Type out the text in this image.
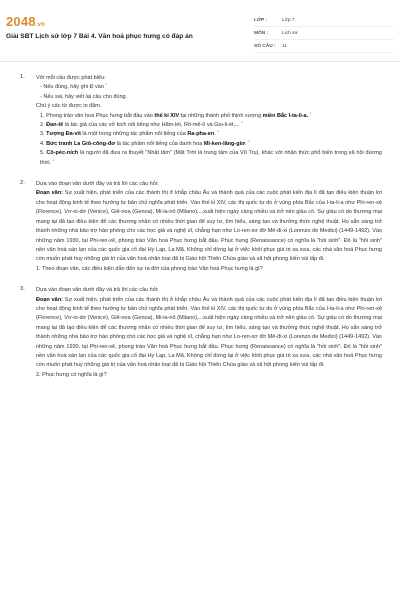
2048.vn
Giải SBT Lịch sử lớp 7 Bài 4. Văn hoá phục hưng có đáp án
LỚP :	Lớp 7
MÔN :	Lịch sử
SỐ CÂU :	11
1. Với mỗi câu được phát biểu:
- Nếu đúng, hãy ghi Đ vào ˆ
- Nếu sai, hãy viết lại câu cho đúng.
Chú ý các từ được in đậm.
1. Phong trào văn hoá Phục hưng bắt đầu vào thế kỉ XIV tại những thành phố thịnh vượng miền Bắc I-ta-li-a. ˆ
2. Đan-tê là tác giả của các vở kịch nổi tiếng như Hăm-lét, Rô-mê-ô và Giu-li-ét,... ˆ
3. Tượng Đa-vít là một trong những tác phẩm nổi tiếng của Ra-pha-en. ˆ
4. Bức tranh La Giô-công-đơ là tác phẩm nổi tiếng của danh hoạ Mi-ken-lăng-giơ. ˆ
5. Cô-péc-ních là người đã đưa ra thuyết "Nhật tâm" (Mặt Trời là trung tâm của Vũ Trụ), khác với nhận thức phổ biến trong xã hội đương thời. ˆ
2. Dựa vào đoạn văn dưới đây và trả lời các câu hỏi:
Đoạn văn: Sự xuất hiện, phát triển của các thành thị ở khắp châu Âu và thành quả của các cuộc phát kiến địa lí đã tạo điều kiện thuận lợi cho hoạt động kinh tế theo hướng tư bản chủ nghĩa phát triển. Vào thế kỉ XIV, các thị quốc tự do ở vùng phía Bắc của I-ta-li-a như Phi-ren-xê (Florence), Vơ-ni-dơ (Venice), Giê-noa (Genoa), Mi-la-nô (Milano),...xuất hiện ngày càng nhiều và trở nên giàu có. Sự giàu có do thương mại mang lại đã tạo điều kiện để các thương nhân có nhiều thời gian để suy tư, tìm hiểu, sáng tạo và thưởng thức nghệ thuật. Họ sẵn sàng trở thành những nhà bảo trợ hào phóng cho các học giả và nghệ sĩ, chẳng hạn như Lo-ren-xơ đờ Mê-đi-xi (Lorenzo de Medici) (1449-1492). Vào những năm 1930, tại Phi-ren-xê, phong trào Văn hoá Phục hưng bắt đầu. Phục hưng (Renaissance) có nghĩa là "hồi sinh". Đó là "hồi sinh" nền văn hoá xán lạn của các quốc gia cổ đại Hy Lạp, La Mã. Không chỉ dừng lại ở việc khôi phục giá trị xa xưa, các nhà văn hoá Phục hưng còn muốn phát huy những giá trị của văn hoá nhân loại đã bị Giáo hội Thiên Chúa giáo và xã hội phong kiến vùi lấp đi.
1. Theo đoạn văn, các điều kiện dẫn đến sự ra đời của phong trào Văn hoá Phục hưng là gì?
3. Dựa vào đoạn văn dưới đây và trả lời các câu hỏi:
Đoạn văn: Sự xuất hiện, phát triển của các thành thị ở khắp châu Âu và thành quả của các cuộc phát kiến địa lí đã tạo điều kiện thuận lợi cho hoạt động kinh tế theo hướng tư bản chủ nghĩa phát triển. Vào thế kỉ XIV, các thị quốc tự do ở vùng phía Bắc của I-ta-li-a như Phi-ren-xê (Florence), Vơ-ni-dơ (Venice), Giê-noa (Genoa), Mi-la-nô (Milano),...xuất hiện ngày càng nhiều và trở nên giàu có. Sự giàu có do thương mại mang lại đã tạo điều kiện để các thương nhân có nhiều thời gian để suy tư, tìm hiểu, sáng tạo và thưởng thức nghệ thuật. Họ sẵn sàng trở thành những nhà bảo trợ hào phóng cho các học giả và nghệ sĩ, chẳng hạn như Lo-ren-xơ đờ Mê-đi-xi (Lorenzo de Medici) (1449-1492). Vào những năm 1930, tại Phi-ren-xê, phong trào Văn hoá Phục hưng bắt đầu. Phục hưng (Renaissance) có nghĩa là "hồi sinh". Đó là "hồi sinh" nền văn hoá xán lạn của các quốc gia cổ đại Hy Lạp, La Mã. Không chỉ dừng lại ở việc khôi phục giá trị xa xưa, các nhà văn hoá Phục hưng còn muốn phát huy những giá trị của văn hoá nhân loại đã bị Giáo hội Thiên Chúa giáo và xã hội phong kiến vùi lấp đi.
2. Phục hưng có nghĩa là gì?
